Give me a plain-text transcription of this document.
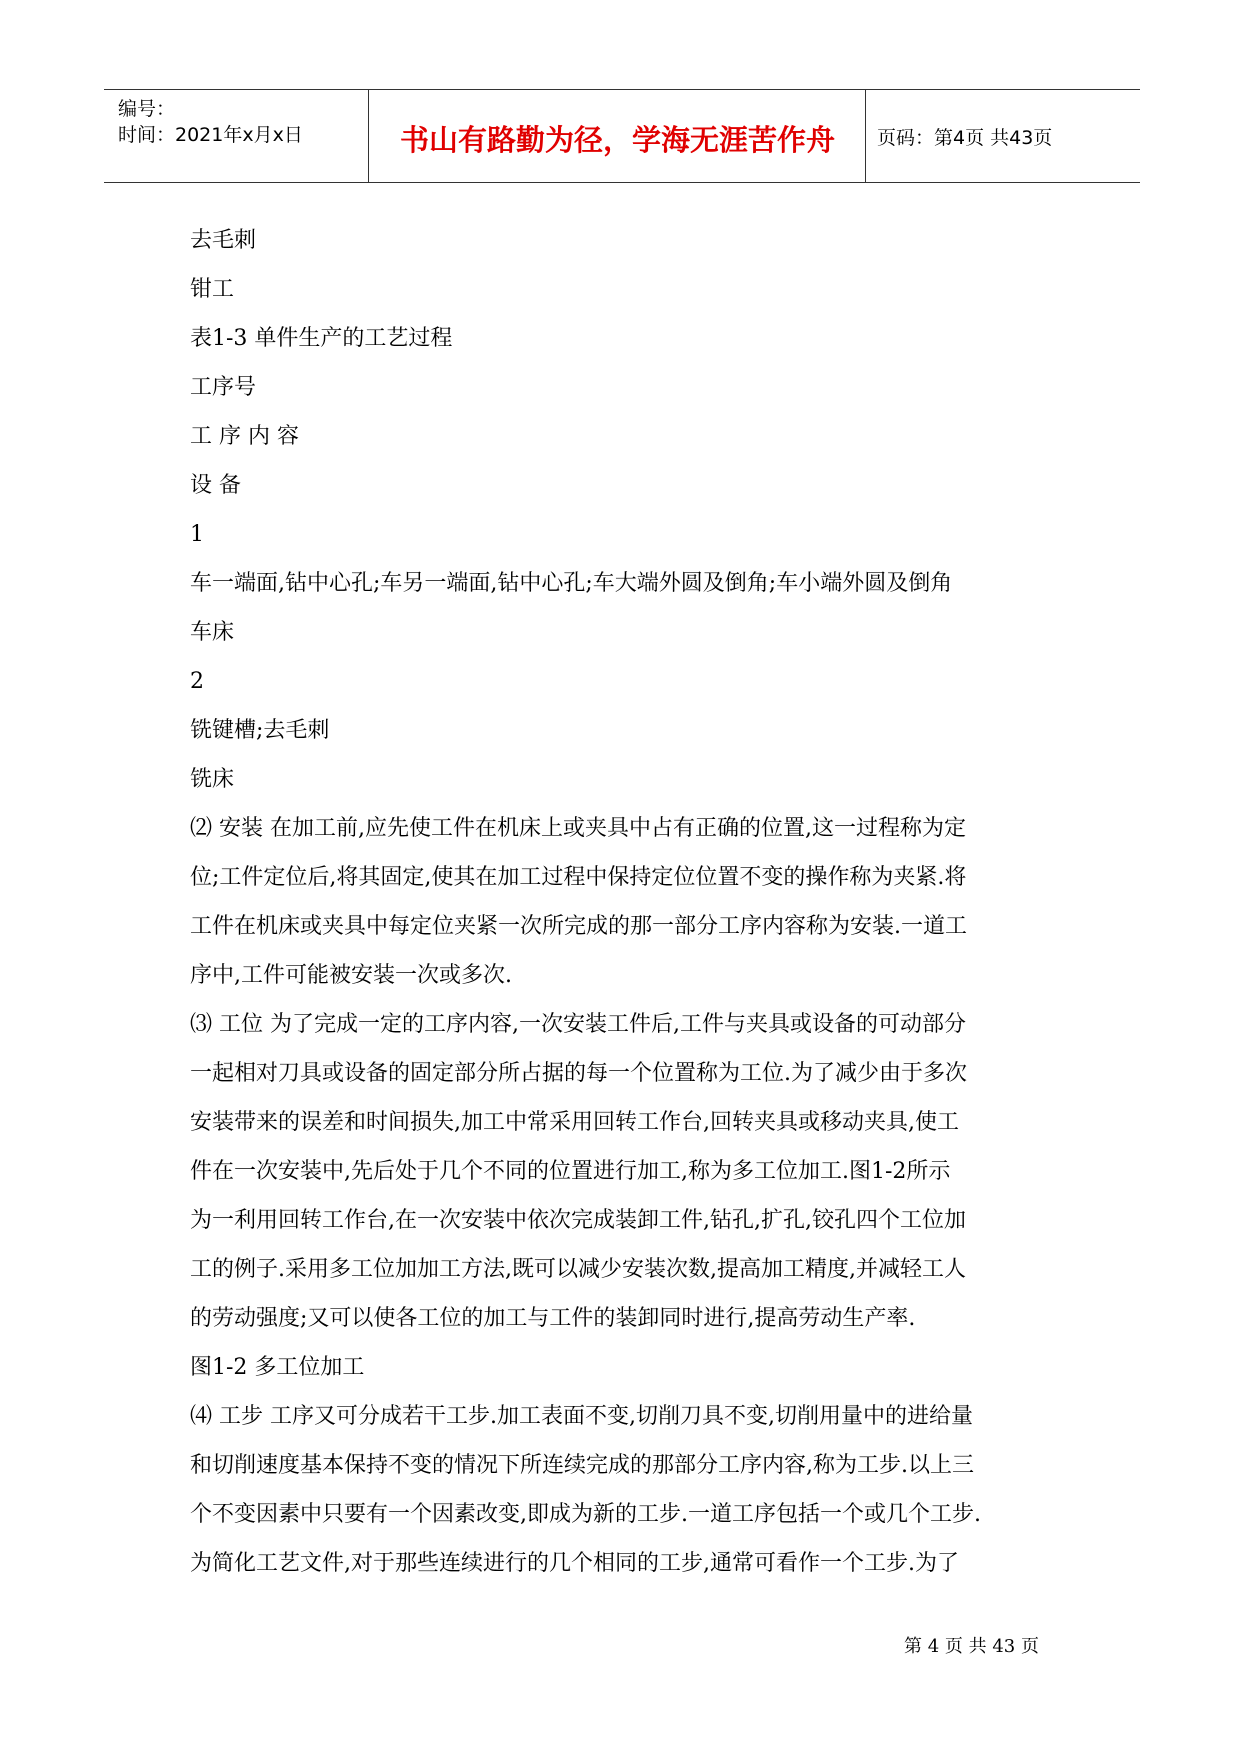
编号：
时间：2021年x月x日	书山有路勤为径，学海无涯苦作舟	页码：第4页 共43页

去毛刺

钳工

表1-3 单件生产的工艺过程

工序号

工 序 内 容

设 备

1

车一端面,钻中心孔;车另一端面,钻中心孔;车大端外圆及倒角;车小端外圆及倒角

车床

2

铣键槽;去毛刺

铣床

⑵ 安装 在加工前,应先使工件在机床上或夹具中占有正确的位置,这一过程称为定

位;工件定位后,将其固定,使其在加工过程中保持定位位置不变的操作称为夹紧.将

工件在机床或夹具中每定位夹紧一次所完成的那一部分工序内容称为安装.一道工

序中,工件可能被安装一次或多次.

⑶ 工位 为了完成一定的工序内容,一次安装工件后,工件与夹具或设备的可动部分

一起相对刀具或设备的固定部分所占据的每一个位置称为工位.为了减少由于多次

安装带来的误差和时间损失,加工中常采用回转工作台,回转夹具或移动夹具,使工

件在一次安装中,先后处于几个不同的位置进行加工,称为多工位加工.图1-2所示

为一利用回转工作台,在一次安装中依次完成装卸工件,钻孔,扩孔,铰孔四个工位加

工的例子.采用多工位加加工方法,既可以减少安装次数,提高加工精度,并减轻工人

的劳动强度;又可以使各工位的加工与工件的装卸同时进行,提高劳动生产率.

图1-2 多工位加工

⑷ 工步 工序又可分成若干工步.加工表面不变,切削刀具不变,切削用量中的进给量

和切削速度基本保持不变的情况下所连续完成的那部分工序内容,称为工步.以上三

个不变因素中只要有一个因素改变,即成为新的工步.一道工序包括一个或几个工步.

为简化工艺文件,对于那些连续进行的几个相同的工步,通常可看作一个工步.为了

第 4 页 共 43 页
